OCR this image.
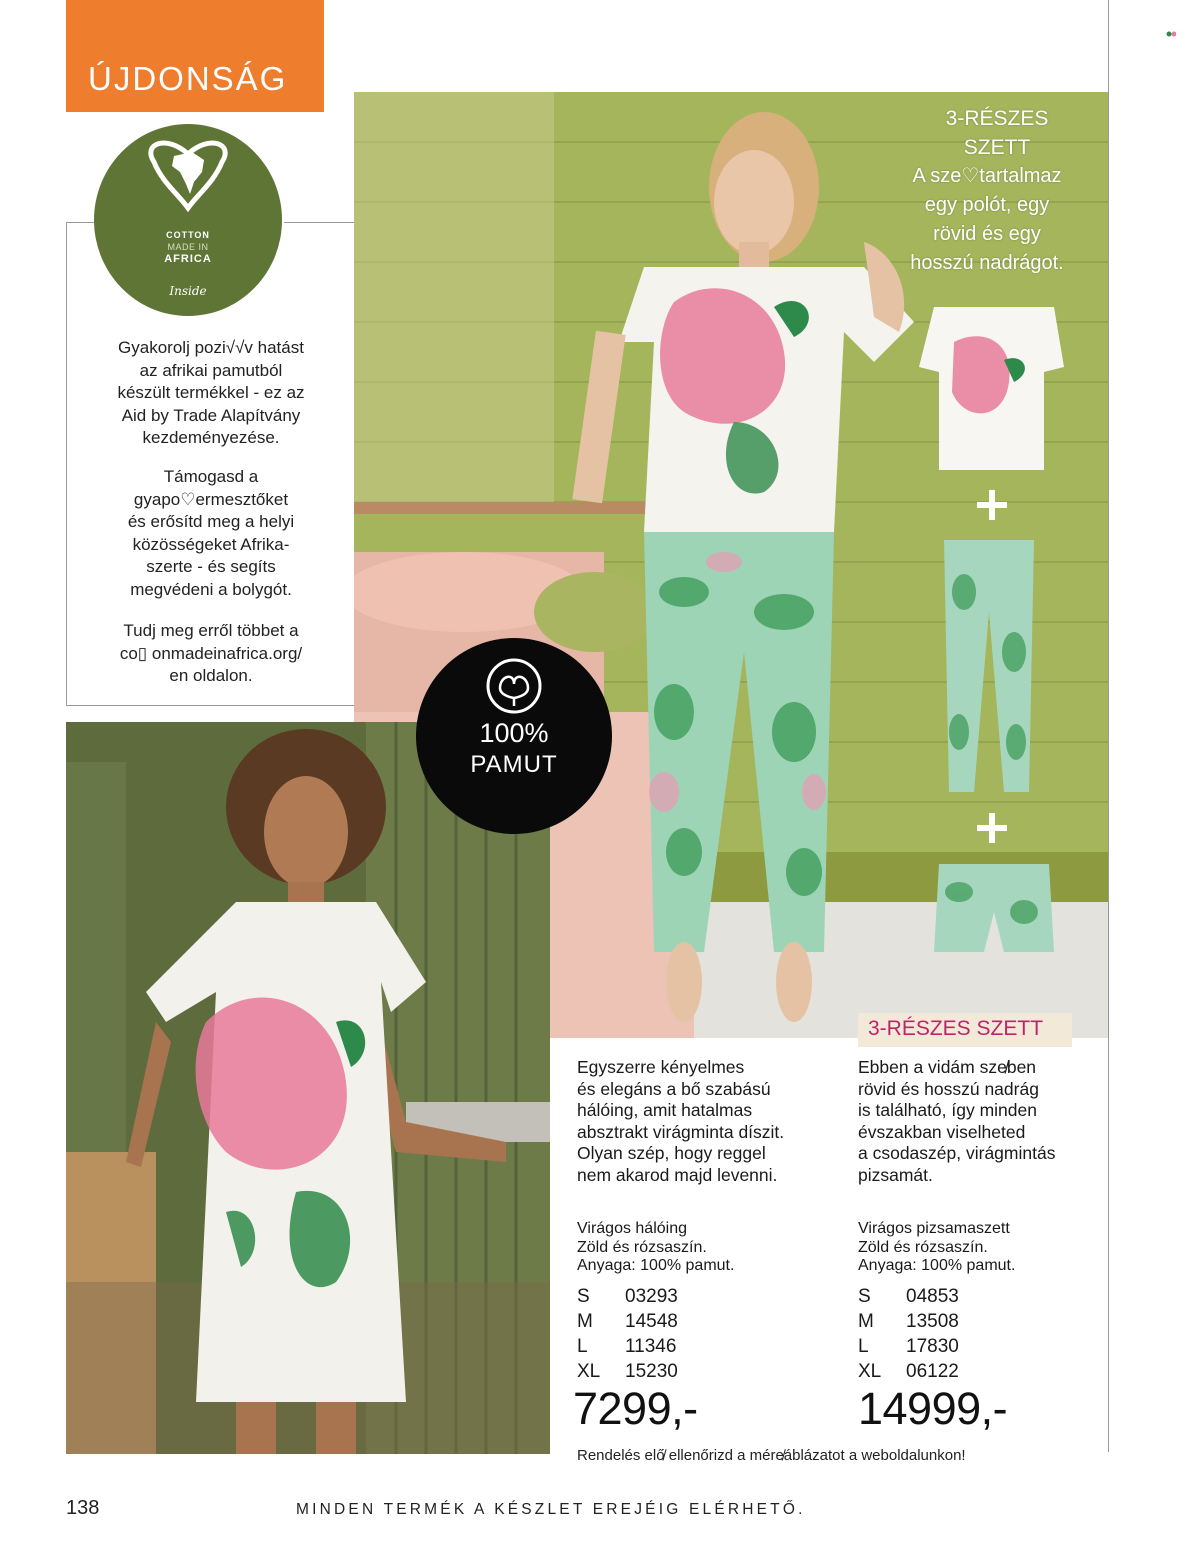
ÚJDONSÁG
COTTON
MADE IN
AFRICA
Inside
Gyakorolj pozi√√v hatást
az afrikai pamutból
készült termékkel - ez az
Aid by Trade Alapítvány
kezdeményezése.
Támogasd a
gyapo♡ermesztőket
és erősítd meg a helyi
közösségeket Afrika-
szerte - és segíts
megvédeni a bolygót.
Tudj meg erről többet a
co▯ onmadeinafrica.org/
en oldalon.
3-RÉSZES
SZETT
A sze♡tartalmaz
egy polót, egy
rövid és egy
hosszú nadrágot.
100%
PAMUT
3-RÉSZES SZETT
Egyszerre kényelmes
és elegáns a bő szabású
hálóing, amit hatalmas
absztrakt virágminta díszit.
Olyan szép, hogy reggel
nem akarod majd levenni.
Ebben a vidám sze̸ben
rövid és hosszú nadrág
is található, így minden
évszakban viselheted
a csodaszép, virágmintás
pizsamát.
Virágos hálóing
Zöld és rózsaszín.
Anyaga: 100% pamut.
S 03293
M 14548
L 11346
XL 15230
7299,-
Virágos pizsamaszett
Zöld és rózsaszín.
Anyaga: 100% pamut.
S 04853
M 13508
L 17830
XL 06122
14999,-
Rendelés elő̸ ellenőrizd a mére̸áblázatot a weboldalunkon!
138	MINDEN TERMÉK A KÉSZLET EREJÉIG ELÉRHETŐ.
